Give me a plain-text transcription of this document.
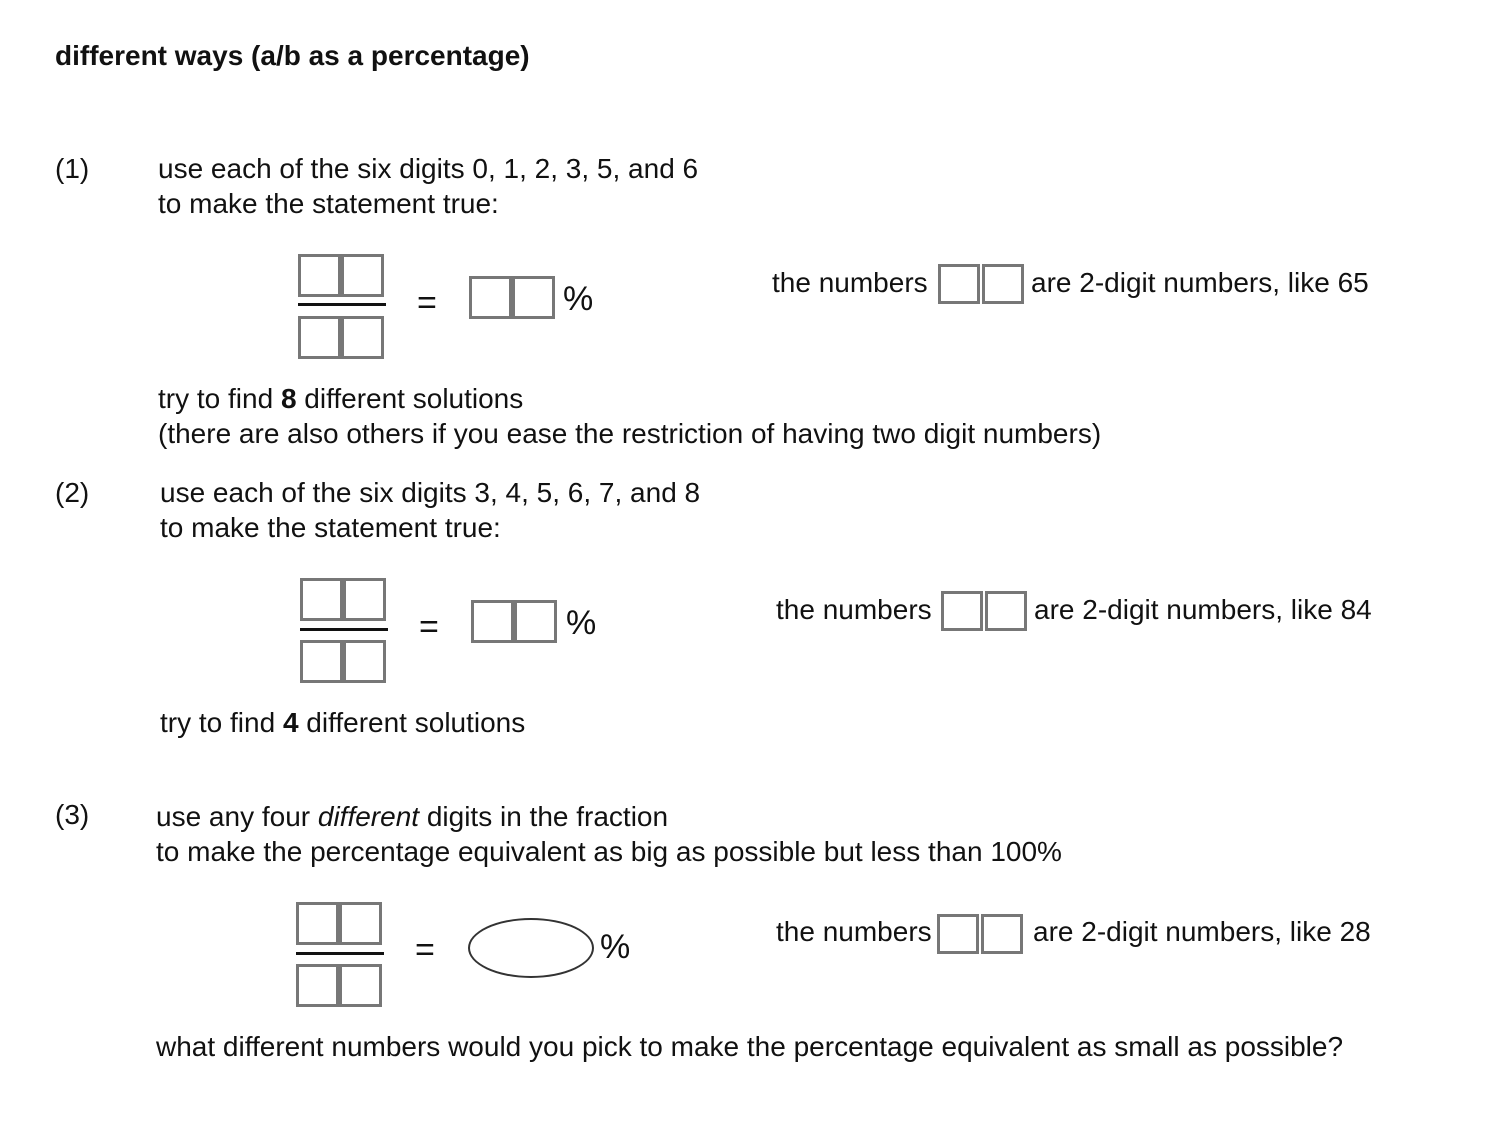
different ways (a/b as a percentage)
(1) use each of the six digits 0, 1, 2, 3, 5, and 6
to make the statement true:
=	%	the numbers	are 2-digit numbers, like 65
try to find 8 different solutions
(there are also others if you ease the restriction of having two digit numbers)
(2)	use each of the six digits 3, 4, 5, 6, 7, and 8
to make the statement true:
=	%	the numbers	are 2-digit numbers, like 84
try to find 4 different solutions
(3) use any four different digits in the fraction
to make the percentage equivalent as big as possible but less than 100%
=	%	the numbers	are 2-digit numbers, like 28
what different numbers would you pick to make the percentage equivalent as small as possible?
